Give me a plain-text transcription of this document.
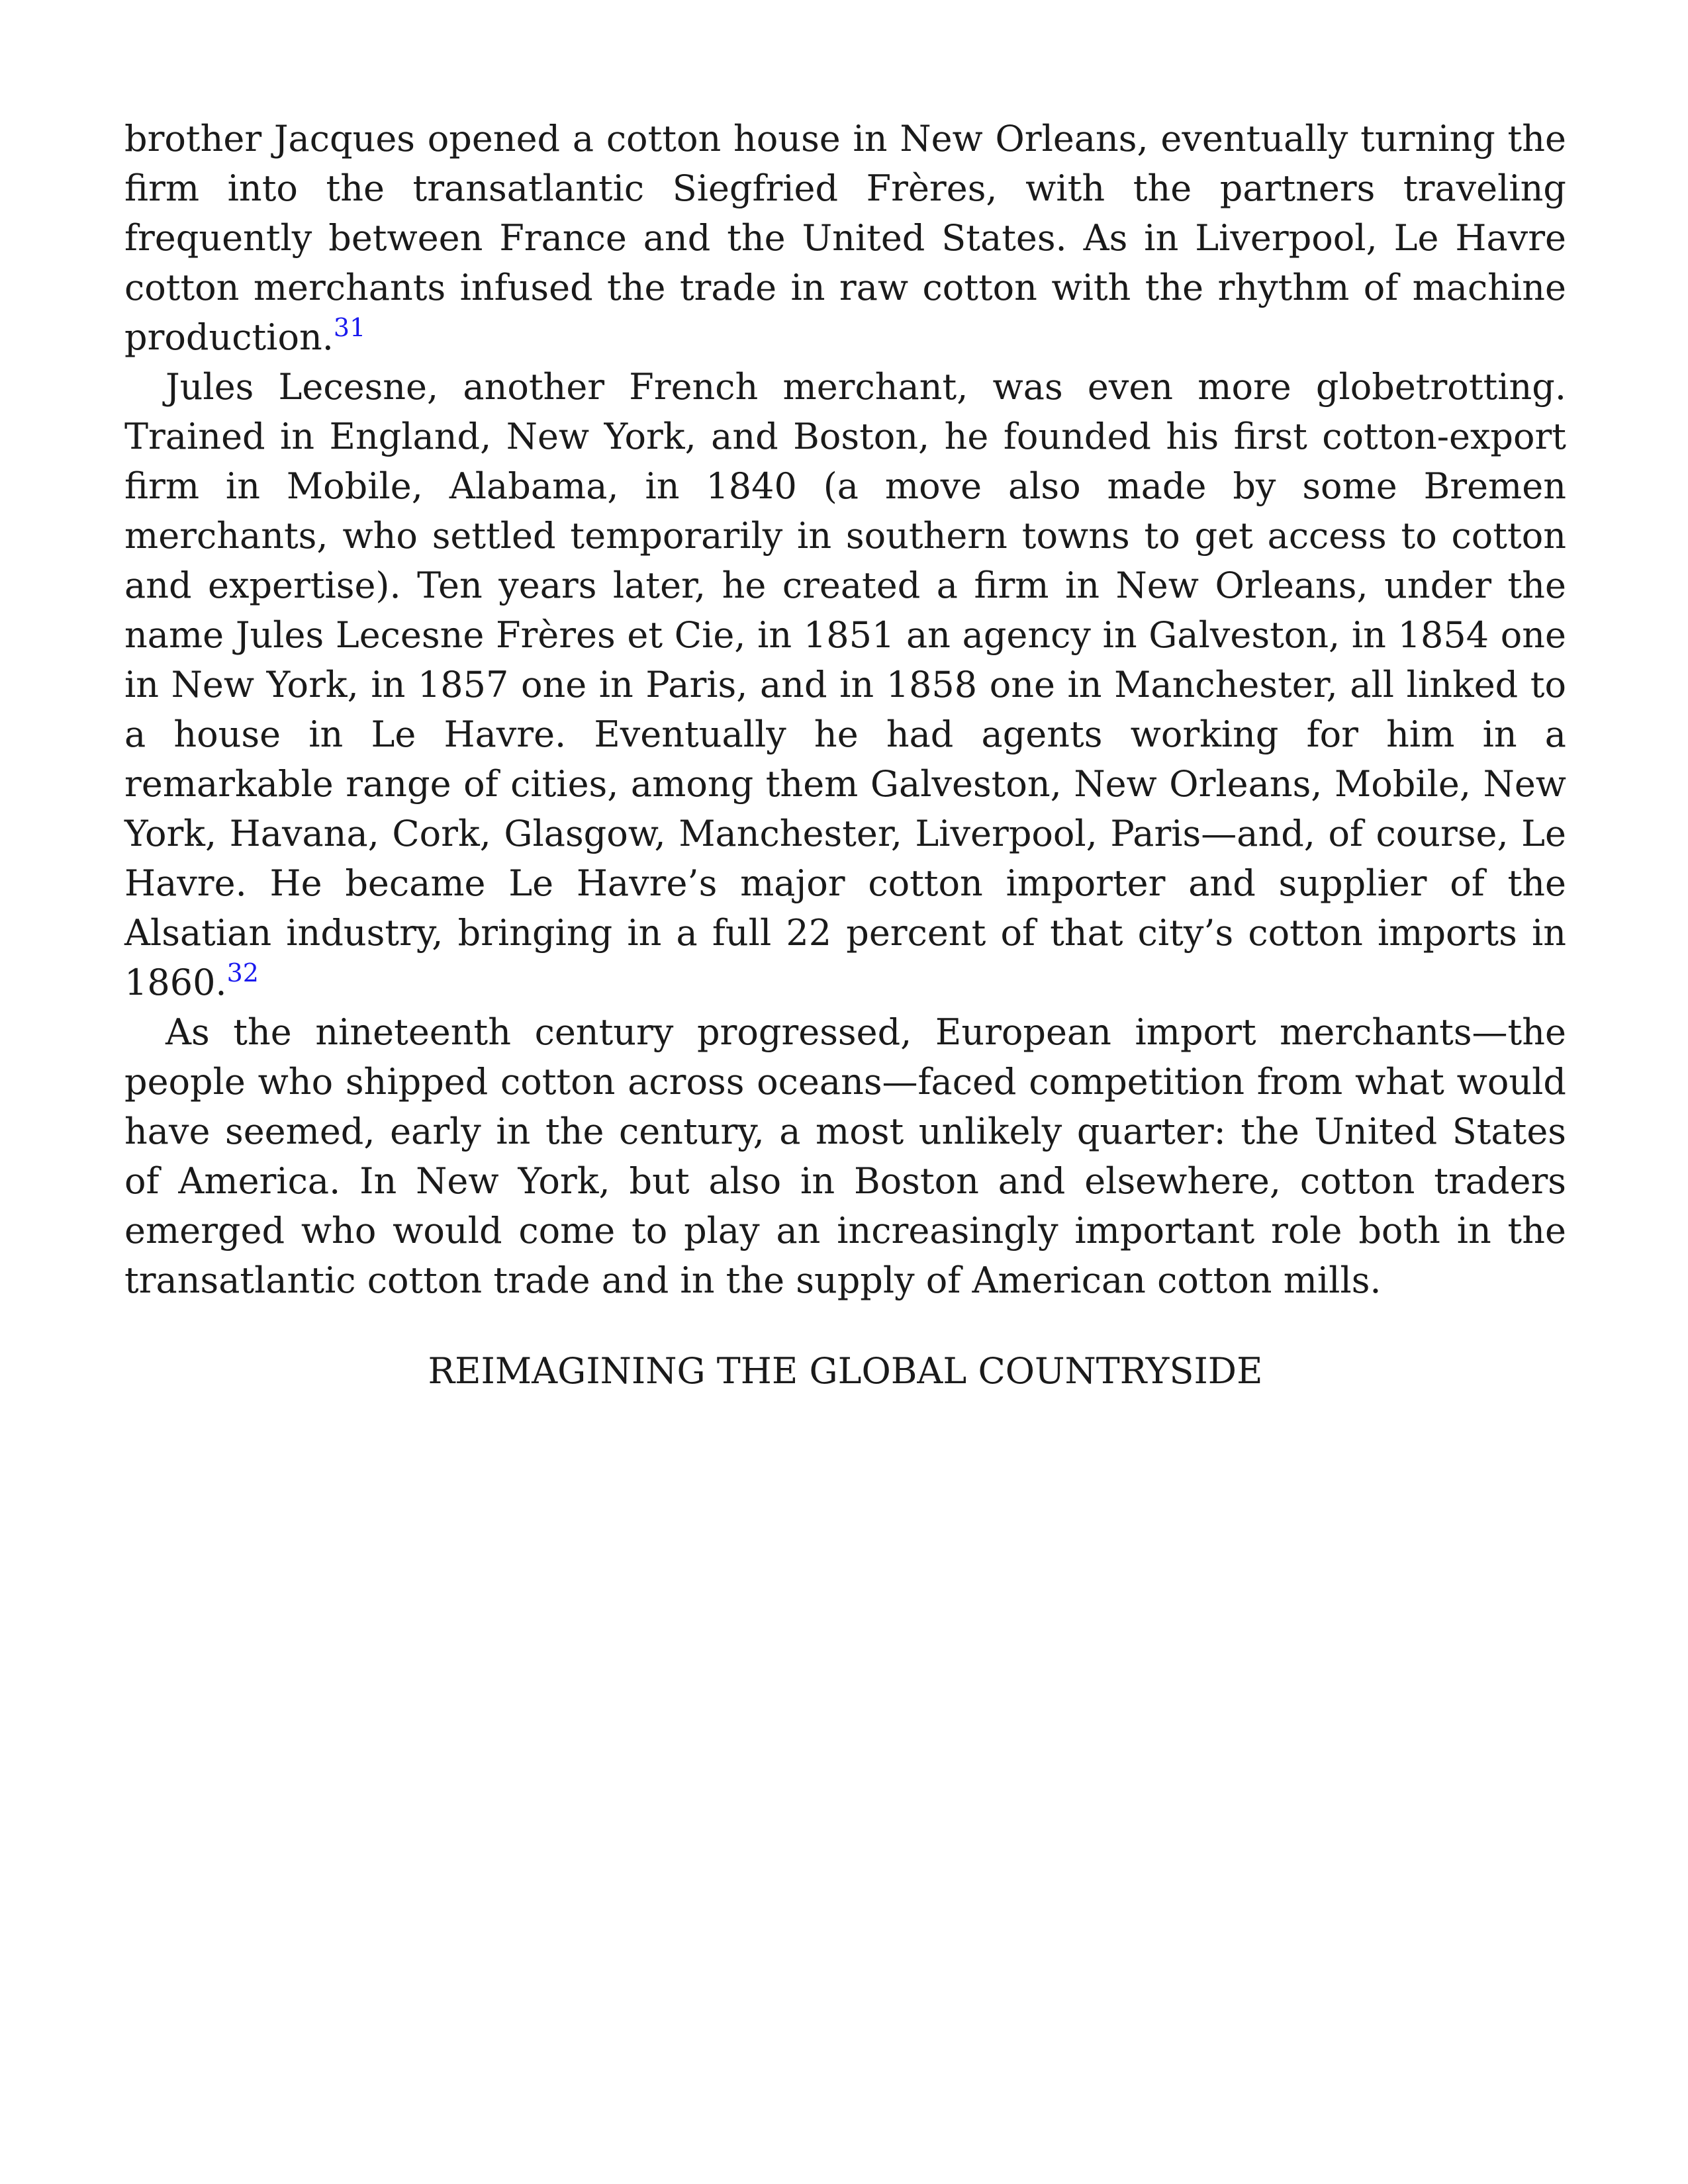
brother Jacques opened a cotton house in New Orleans, eventually turning the firm into the transatlantic Siegfried Frères, with the partners traveling frequently between France and the United States. As in Liverpool, Le Havre cotton merchants infused the trade in raw cotton with the rhythm of machine production.$^{31}$

Jules Lecesne, another French merchant, was even more globetrotting. Trained in England, New York, and Boston, he founded his first cotton-export firm in Mobile, Alabama, in 1840 (a move also made by some Bremen merchants, who settled temporarily in southern towns to get access to cotton and expertise). Ten years later, he created a firm in New Orleans, under the name Jules Lecesne Frères et Cie, in 1851 an agency in Galveston, in 1854 one in New York, in 1857 one in Paris, and in 1858 one in Manchester, all linked to a house in Le Havre. Eventually he had agents working for him in a remarkable range of cities, among them Galveston, New Orleans, Mobile, New York, Havana, Cork, Glasgow, Manchester, Liverpool, Paris—and, of course, Le Havre. He became Le Havre’s major cotton importer and supplier of the Alsatian industry, bringing in a full 22 percent of that city’s cotton imports in 1860.32

As the nineteenth century progressed, European import merchants—the people who shipped cotton across oceans—faced competition from what would have seemed, early in the century, a most unlikely quarter: the United States of America. In New York, but also in Boston and elsewhere, cotton traders emerged who would come to play an increasingly important role both in the transatlantic cotton trade and in the supply of American cotton mills.

REIMAGINING THE GLOBAL COUNTRYSIDE
